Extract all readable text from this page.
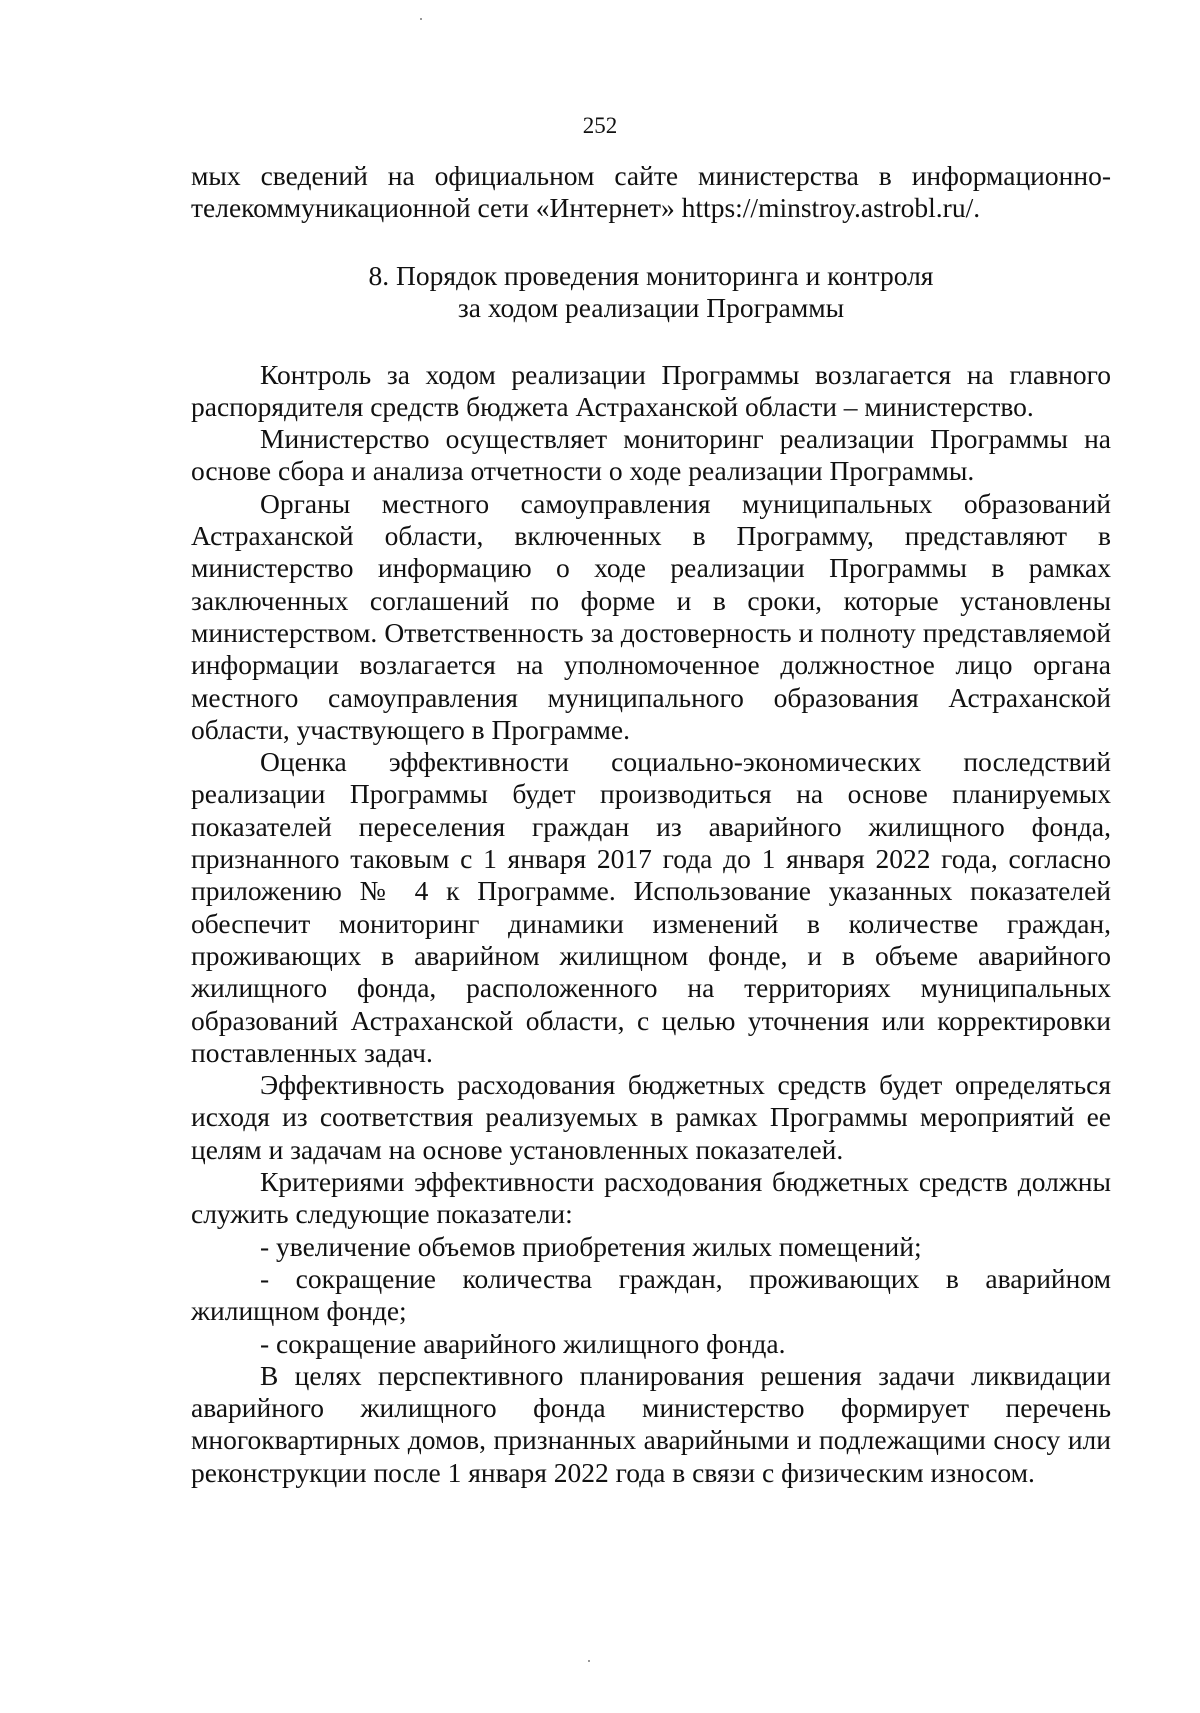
252

мых сведений на официальном сайте министерства в информационно-телекоммуникационной сети «Интернет» https://minstroy.astrobl.ru/.

8. Порядок проведения мониторинга и контроля
за ходом реализации Программы

Контроль за ходом реализации Программы возлагается на главного распорядителя средств бюджета Астраханской области – министерство.

Министерство осуществляет мониторинг реализации Программы на основе сбора и анализа отчетности о ходе реализации Программы.

Органы местного самоуправления муниципальных образований Астраханской области, включенных в Программу, представляют в министерство информацию о ходе реализации Программы в рамках заключенных соглашений по форме и в сроки, которые установлены министерством. Ответственность за достоверность и полноту представляемой информации возлагается на уполномоченное должностное лицо органа местного самоуправления муниципального образования Астраханской области, участвующего в Программе.

Оценка эффективности социально-экономических последствий реализации Программы будет производиться на основе планируемых показателей переселения граждан из аварийного жилищного фонда, признанного таковым с 1 января 2017 года до 1 января 2022 года, согласно приложению № 4 к Программе. Использование указанных показателей обеспечит мониторинг динамики изменений в количестве граждан, проживающих в аварийном жилищном фонде, и в объеме аварийного жилищного фонда, расположенного на территориях муниципальных образований Астраханской области, с целью уточнения или корректировки поставленных задач.

Эффективность расходования бюджетных средств будет определяться исходя из соответствия реализуемых в рамках Программы мероприятий ее целям и задачам на основе установленных показателей.

Критериями эффективности расходования бюджетных средств должны служить следующие показатели:

- увеличение объемов приобретения жилых помещений;

- сокращение количества граждан, проживающих в аварийном жилищном фонде;

- сокращение аварийного жилищного фонда.

В целях перспективного планирования решения задачи ликвидации аварийного жилищного фонда министерство формирует перечень многоквартирных домов, признанных аварийными и подлежащими сносу или реконструкции после 1 января 2022 года в связи с физическим износом.
